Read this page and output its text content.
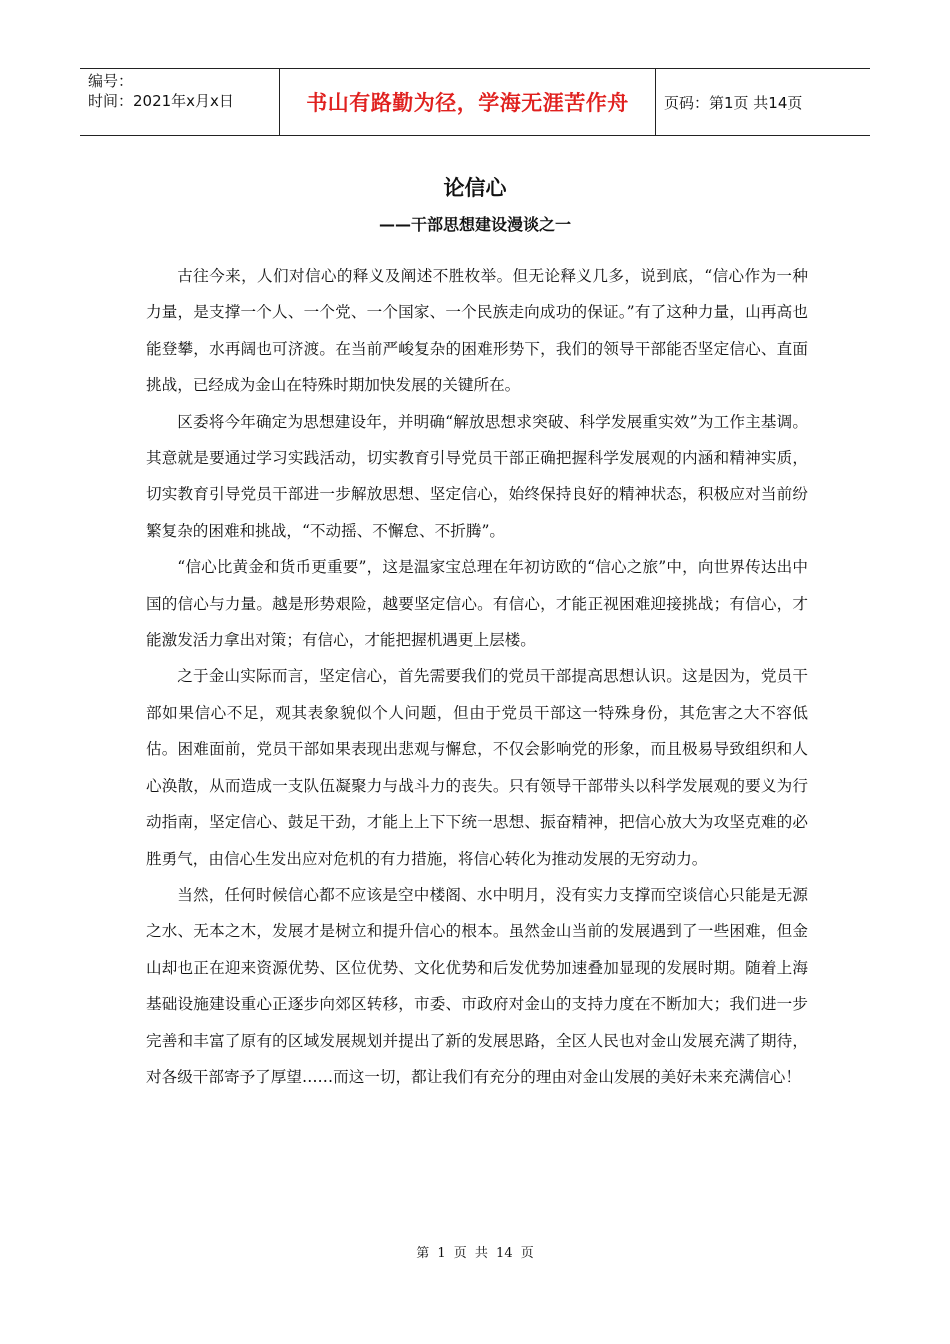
编号：
时间：2021年x月x日	书山有路勤为径，学海无涯苦作舟 页码：第1页 共14页
论信心
——干部思想建设漫谈之一

古往今来，人们对信心的释义及阐述不胜枚举。但无论释义几多，说到底，“信心作为一种力量，是支撑一个人、一个党、一个国家、一个民族走向成功的保证。”有了这种力量，山再高也能登攀，水再阔也可济渡。在当前严峻复杂的困难形势下，我们的领导干部能否坚定信心、直面挑战，已经成为金山在特殊时期加快发展的关键所在。

区委将今年确定为思想建设年，并明确“解放思想求突破、科学发展重实效”为工作主基调。其意就是要通过学习实践活动，切实教育引导党员干部正确把握科学发展观的内涵和精神实质，切实教育引导党员干部进一步解放思想、坚定信心，始终保持良好的精神状态，积极应对当前纷繁复杂的困难和挑战，“不动摇、不懈怠、不折腾”。

“信心比黄金和货币更重要”，这是温家宝总理在年初访欧的“信心之旅”中，向世界传达出中国的信心与力量。越是形势艰险，越要坚定信心。有信心，才能正视困难迎接挑战；有信心，才能激发活力拿出对策；有信心，才能把握机遇更上层楼。

之于金山实际而言，坚定信心，首先需要我们的党员干部提高思想认识。这是因为，党员干部如果信心不足，观其表象貌似个人问题，但由于党员干部这一特殊身份，其危害之大不容低估。困难面前，党员干部如果表现出悲观与懈怠，不仅会影响党的形象，而且极易导致组织和人心涣散，从而造成一支队伍凝聚力与战斗力的丧失。只有领导干部带头以科学发展观的要义为行动指南，坚定信心、鼓足干劲，才能上上下下统一思想、振奋精神，把信心放大为攻坚克难的必胜勇气，由信心生发出应对危机的有力措施，将信心转化为推动发展的无穷动力。

当然，任何时候信心都不应该是空中楼阁、水中明月，没有实力支撑而空谈信心只能是无源之水、无本之木，发展才是树立和提升信心的根本。虽然金山当前的发展遇到了一些困难，但金山却也正在迎来资源优势、区位优势、文化优势和后发优势加速叠加显现的发展时期。随着上海基础设施建设重心正逐步向郊区转移，市委、市政府对金山的支持力度在不断加大；我们进一步完善和丰富了原有的区域发展规划并提出了新的发展思路，全区人民也对金山发展充满了期待，对各级干部寄予了厚望……而这一切，都让我们有充分的理由对金山发展的美好未来充满信心！

第 1 页 共 14 页
